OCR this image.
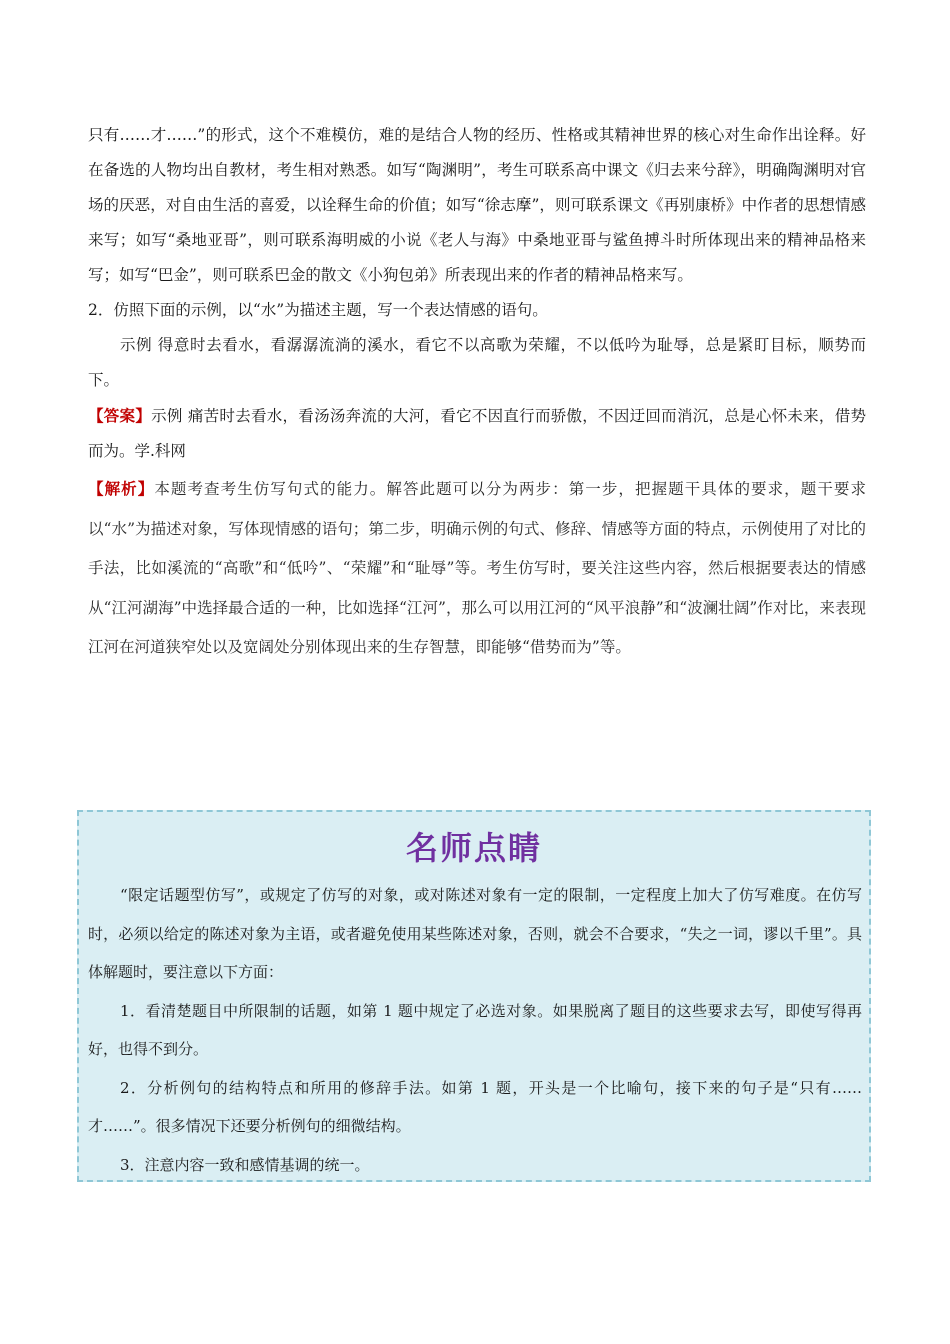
只有……才……”的形式，这个不难模仿，难的是结合人物的经历、性格或其精神世界的核心对生命作出诠释。好在备选的人物均出自教材，考生相对熟悉。如写“陶渊明”，考生可联系高中课文《归去来兮辞》，明确陶渊明对官场的厌恶，对自由生活的喜爱，以诠释生命的价值；如写“徐志摩”，则可联系课文《再别康桥》中作者的思想情感来写；如写“桑地亚哥”，则可联系海明威的小说《老人与海》中桑地亚哥与鲨鱼搏斗时所体现出来的精神品格来写；如写“巴金”，则可联系巴金的散文《小狗包弟》所表现出来的作者的精神品格来写。

2．仿照下面的示例，以“水”为描述主题，写一个表达情感的语句。

示例 得意时去看水，看潺潺流淌的溪水，看它不以高歌为荣耀，不以低吟为耻辱，总是紧盯目标，顺势而下。

【答案】示例 痛苦时去看水，看汤汤奔流的大河，看它不因直行而骄傲，不因迂回而消沉，总是心怀未来，借势而为。学.科网

【解析】本题考查考生仿写句式的能力。解答此题可以分为两步：第一步，把握题干具体的要求，题干要求以“水”为描述对象，写体现情感的语句；第二步，明确示例的句式、修辞、情感等方面的特点，示例使用了对比的手法，比如溪流的“高歌”和“低吟”、“荣耀”和“耻辱”等。考生仿写时，要关注这些内容，然后根据要表达的情感从“江河湖海”中选择最合适的一种，比如选择“江河”，那么可以用江河的“风平浪静”和“波澜壮阔”作对比，来表现江河在河道狭窄处以及宽阔处分别体现出来的生存智慧，即能够“借势而为”等。

名师点睛

“限定话题型仿写”，或规定了仿写的对象，或对陈述对象有一定的限制，一定程度上加大了仿写难度。在仿写时，必须以给定的陈述对象为主语，或者避免使用某些陈述对象，否则，就会不合要求，“失之一词，谬以千里”。具体解题时，要注意以下方面：

1．看清楚题目中所限制的话题，如第 1 题中规定了必选对象。如果脱离了题目的这些要求去写，即使写得再好，也得不到分。

2．分析例句的结构特点和所用的修辞手法。如第 1 题，开头是一个比喻句，接下来的句子是“只有……才……”。很多情况下还要分析例句的细微结构。

3．注意内容一致和感情基调的统一。
